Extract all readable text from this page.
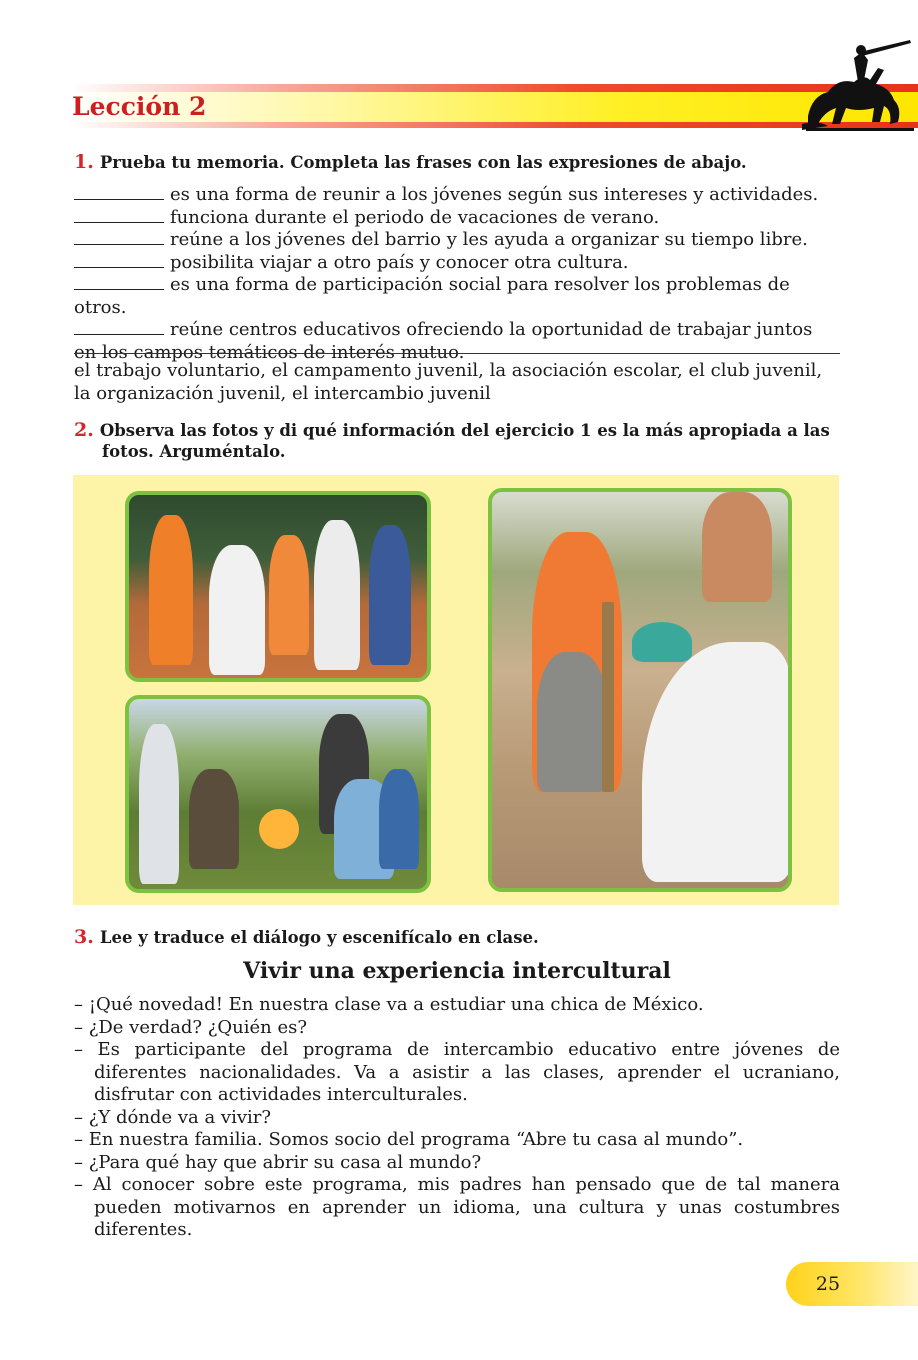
Lección 2
1. Prueba tu memoria. Completa las frases con las expresiones de abajo.
es una forma de reunir a los jóvenes según sus intereses y actividades.
funciona durante el periodo de vacaciones de verano.
reúne a los jóvenes del barrio y les ayuda a organizar su tiempo libre.
posibilita viajar a otro país y conocer otra cultura.
es una forma de participación social para resolver los problemas de otros.
reúne centros educativos ofreciendo la oportunidad de trabajar juntos
en los campos temáticos de interés mutuo.
el trabajo voluntario, el campamento juvenil, la asociación escolar, el club juvenil,
la organización juvenil, el intercambio juvenil
2. Observa las fotos y di qué información del ejercicio 1 es la más apropiada a las fotos. Arguméntalo.
3. Lee y traduce el diálogo y escenifícalo en clase.
Vivir una experiencia intercultural
– ¡Qué novedad! En nuestra clase va a estudiar una chica de México.
– ¿De verdad? ¿Quién es?
– Es participante del programa de intercambio educativo entre jóvenes de diferentes nacionalidades. Va a asistir a las clases, aprender el ucraniano, disfrutar con actividades interculturales.
– ¿Y dónde va a vivir?
– En nuestra familia. Somos socio del programa “Abre tu casa al mundo”.
– ¿Para qué hay que abrir su casa al mundo?
– Al conocer sobre este programa, mis padres han pensado que de tal manera pueden motivarnos en aprender un idioma, una cultura y unas costumbres diferentes.
25
